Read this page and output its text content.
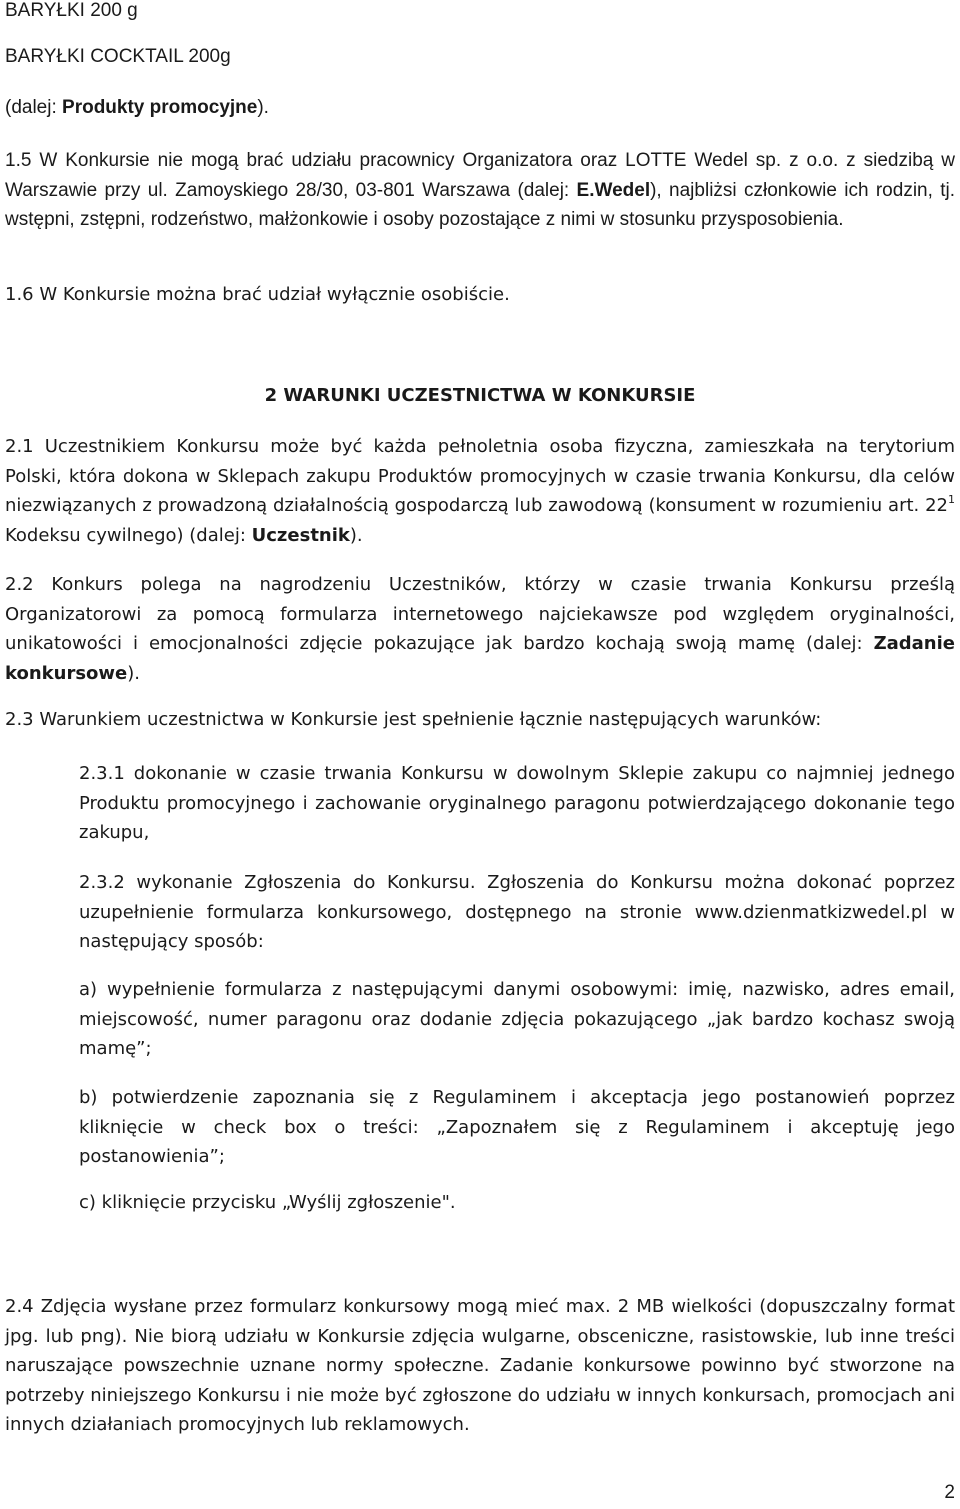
BARYŁKI 200 g
BARYŁKI COCKTAIL 200g
(dalej: Produkty promocyjne).
1.5 W Konkursie nie mogą brać udziału pracownicy Organizatora oraz LOTTE Wedel sp. z o.o. z siedzibą w Warszawie przy ul. Zamoyskiego 28/30, 03-801 Warszawa (dalej: E.Wedel), najbliżsi członkowie ich rodzin, tj. wstępni, zstępni, rodzeństwo, małżonkowie i osoby pozostające z nimi w stosunku przysposobienia.
1.6 W Konkursie można brać udział wyłącznie osobiście.
2 WARUNKI UCZESTNICTWA W KONKURSIE
2.1 Uczestnikiem Konkursu może być każda pełnoletnia osoba fizyczna, zamieszkała na terytorium Polski, która dokona w Sklepach zakupu Produktów promocyjnych w czasie trwania Konkursu, dla celów niezwiązanych z prowadzoną działalnością gospodarczą lub zawodową (konsument w rozumieniu art. $22^1$ Kodeksu cywilnego) (dalej: Uczestnik).
2.2 Konkurs polega na nagrodzeniu Uczestników, którzy w czasie trwania Konkursu prześlą Organizatorowi za pomocą formularza internetowego najciekawsze pod względem oryginalności, unikatowości i emocjonalności zdjęcie pokazujące jak bardzo kochają swoją mamę (dalej: Zadanie konkursowe).
2.3 Warunkiem uczestnictwa w Konkursie jest spełnienie łącznie następujących warunków:
2.3.1 dokonanie w czasie trwania Konkursu w dowolnym Sklepie zakupu co najmniej jednego Produktu promocyjnego i zachowanie oryginalnego paragonu potwierdzającego dokonanie tego zakupu,
2.3.2 wykonanie Zgłoszenia do Konkursu. Zgłoszenia do Konkursu można dokonać poprzez uzupełnienie formularza konkursowego, dostępnego na stronie www.dzienmatkizwedel.pl w następujący sposób:
a) wypełnienie formularza z następującymi danymi osobowymi: imię, nazwisko, adres email, miejscowość, numer paragonu oraz dodanie zdjęcia pokazującego „jak bardzo kochasz swoją mamę”;
b) potwierdzenie zapoznania się z Regulaminem i akceptacja jego postanowień poprzez kliknięcie w check box o treści: „Zapoznałem się z Regulaminem i akceptuję jego postanowienia”;
c) kliknięcie przycisku „Wyślij zgłoszenie".
2.4 Zdjęcia wysłane przez formularz konkursowy mogą mieć max. 2 MB wielkości (dopuszczalny format jpg. lub png). Nie biorą udziału w Konkursie zdjęcia wulgarne, obsceniczne, rasistowskie, lub inne treści naruszające powszechnie uznane normy społeczne. Zadanie konkursowe powinno być stworzone na potrzeby niniejszego Konkursu i nie może być zgłoszone do udziału w innych konkursach, promocjach ani innych działaniach promocyjnych lub reklamowych.
2
